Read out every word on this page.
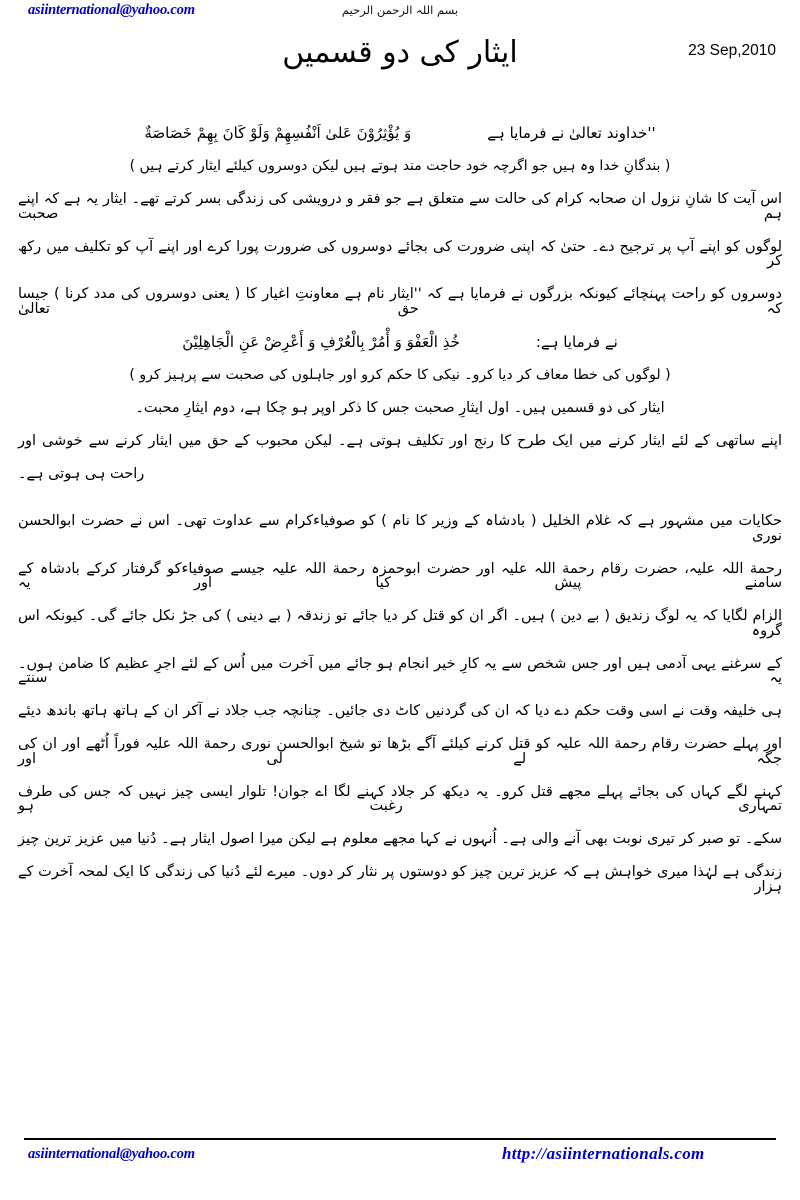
asiinternational@yahoo.com	بسم اللہ الرحمن الرحیم
ایثار کی دو قسمیں	23 Sep,2010
''خداوند تعالیٰ نے فرمایا ہےوَ یُؤْثِرُوْنَ عَلیٰ اَنْفُسِهِمْ وَلَوْ کَانَ بِهِمْ خَصَاصَةٌ
( بندگانِ خدا وہ ہیں جو اگرچہ خود حاجت مند ہوتے ہیں لیکن دوسروں کیلئے ایثار کرتے ہیں )
اس آیت کا شانِ نزول ان صحابہ کرام کی حالت سے متعلق ہے جو فقر و درویشی کی زندگی بسر کرتے تھے۔ ایثار یہ ہے کہ اپنے ہم صحبت
لوگوں کو اپنے آپ پر ترجیح دے۔ حتیٰ کہ اپنی ضرورت کی بجائے دوسروں کی ضرورت پورا کرے اور اپنے آپ کو تکلیف میں رکھ کر
دوسروں کو راحت پہنچائے کیونکہ بزرگوں نے فرمایا ہے کہ ''ایثار نام ہے معاونتِ اغیار کا ( یعنی دوسروں کی مدد کرنا ) جیسا کہ حق تعالیٰ
نے فرمایا ہے:خُذِ الْعَفْوَ وَ أْمُرْ بِالْعُرْفِ وَ أَعْرِضْ عَنِ الْجَاهِلِیْنَ
( لوگوں کی خطا معاف کر دیا کرو۔ نیکی کا حکم کرو اور جاہلوں کی صحبت سے پرہیز کرو )
ایثار کی دو قسمیں ہیں۔ اول ایثارِ صحبت جس کا ذکر اوپر ہو چکا ہے، دوم ایثارِ محبت۔
اپنے ساتھی کے لئے ایثار کرنے میں ایک طرح کا رنج اور تکلیف ہوتی ہے۔ لیکن محبوب کے حق میں ایثار کرنے سے خوشی اور
راحت ہی ہوتی ہے۔
حکایات میں مشہور ہے کہ غلام الخلیل ( بادشاہ کے وزیر کا نام ) کو صوفیاءکرام سے عداوت تھی۔ اس نے حضرت ابوالحسن نوری
رحمة اللہ علیہ، حضرت رقام رحمة اللہ علیہ اور حضرت ابوحمزہ رحمة اللہ علیہ جیسے صوفیاءکو گرفتار کرکے بادشاہ کے سامنے پیش کیا اور یہ
الزام لگایا کہ یہ لوگ زندیق ( بے دین ) ہیں۔ اگر ان کو قتل کر دیا جائے تو زندقہ ( بے دینی ) کی جڑ نکل جائے گی۔ کیونکہ اس گروہ
کے سرغنے یہی آدمی ہیں اور جس شخص سے یہ کارِ خیر انجام ہو جائے میں آخرت میں اُس کے لئے اجرِ عظیم کا ضامن ہوں۔ یہ سنتے
ہی خلیفہ وقت نے اسی وقت حکم دے دیا کہ ان کی گردنیں کاٹ دی جائیں۔ چنانچہ جب جلاد نے آکر ان کے ہاتھ ہاتھ باندھ دیئے
اور پہلے حضرت رقام رحمة اللہ علیہ کو قتل کرنے کیلئے آگے بڑھا تو شیخ ابوالحسن نوری رحمة اللہ علیہ فوراً اُٹھے اور ان کی جگہ لے لی اور
کہنے لگے کہاں کی بجائے پہلے مجھے قتل کرو۔ یہ دیکھ کر جلاد کہنے لگا اے جوان! تلوار ایسی چیز نہیں کہ جس کی طرف تمہاری رغبت ہو
سکے۔ تو صبر کر تیری نوبت بھی آنے والی ہے۔ اُنہوں نے کہا مجھے معلوم ہے لیکن میرا اصول ایثار ہے۔ دُنیا میں عزیز ترین چیز
زندگی ہے لہٰذا میری خواہش ہے کہ عزیز ترین چیز کو دوستوں پر نثار کر دوں۔ میرے لئے دُنیا کی زندگی کا ایک لمحہ آخرت کے ہزار
asiinternational@yahoo.com	http://asiinternationals.com
